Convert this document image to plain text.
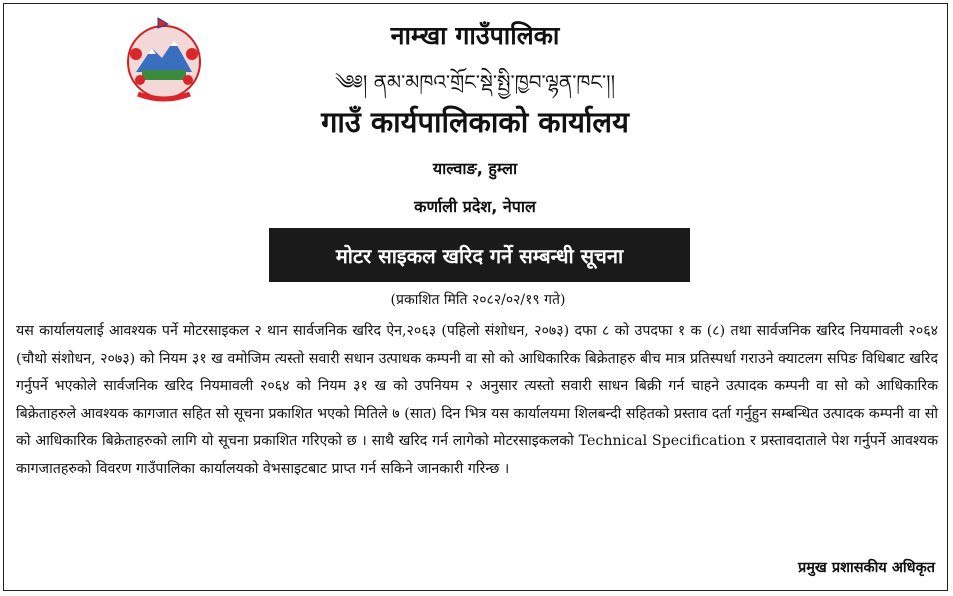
नाम्खा गाउँपालिका
༄༅། ནམ་མཁའ་གྲོང་སྡེ་སྤྱི་ཁྱབ་ལྷན་ཁང་།།
गाउँ कार्यपालिकाको कार्यालय
याल्वाङ, हुम्ला
कर्णाली प्रदेश, नेपाल
मोटर साइकल खरिद गर्ने सम्बन्धी सूचना
(प्रकाशित मिति २०८२/०२/१९ गते)
यस कार्यालयलाई आवश्यक पर्ने मोटरसाइकल २ थान सार्वजनिक खरिद ऐन,२०६३ (पहिलो संशोधन, २०७३) दफा ८ को उपदफा १ क (८) तथा सार्वजनिक खरिद नियमावली २०६४ (चौथो संशोधन, २०७३) को नियम ३१ ख वमोजिम त्यस्तो सवारी सधान उत्पाधक कम्पनी वा सो को आधिकारिक बिक्रेताहरु बीच मात्र प्रतिस्पर्धा गराउने क्याटलग सपिङ विधिबाट खरिद गर्नुपर्ने भएकोले सार्वजनिक खरिद नियमावली २०६४ को नियम ३१ ख को उपनियम २ अनुसार त्यस्तो सवारी साधन बिक्री गर्न चाहने उत्पादक कम्पनी वा सो को आधिकारिक बिक्रेताहरुले आवश्यक कागजात सहित सो सूचना प्रकाशित भएको मितिले ७ (सात) दिन भित्र यस कार्यालयमा शिलबन्दी सहितको प्रस्ताव दर्ता गर्नुहुन सम्बन्धित उत्पादक कम्पनी वा सो को आधिकारिक बिक्रेताहरुको लागि यो सूचना प्रकाशित गरिएको छ । साथै खरिद गर्न लागेको मोटरसाइकलको Technical Specification र प्रस्तावदाताले पेश गर्नुपर्ने आवश्यक कागजातहरुको विवरण गाउँपालिका कार्यालयको वेभसाइटबाट प्राप्त गर्न सकिने जानकारी गरिन्छ ।
प्रमुख प्रशासकीय अधिकृत
